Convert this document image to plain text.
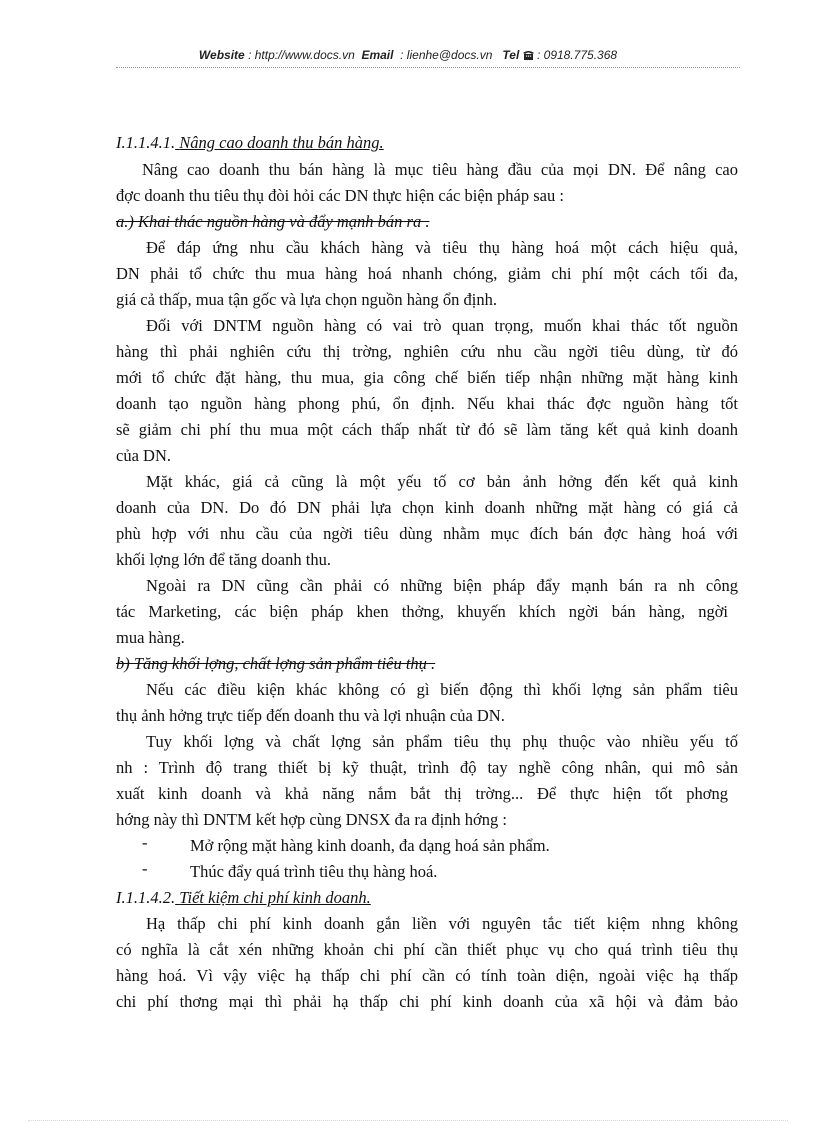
Website : http://www.docs.vn Email : lienhe@docs.vn Tel : 0918.775.368
I.1.1.4.1. Nâng cao doanh thu bán hàng.
Nâng cao doanh thu bán hàng là mục tiêu hàng đầu của mọi DN. Để nâng cao
đợc doanh thu tiêu thụ đòi hỏi các DN thực hiện các biện pháp sau :
a.) Khai thác nguồn hàng và đẩy mạnh bán ra .
Để đáp ứng nhu cầu khách hàng và tiêu thụ hàng hoá một cách hiệu quả,
DN phải tổ chức thu mua hàng hoá nhanh chóng, giảm chi phí một cách tối đa,
giá cả thấp, mua tận gốc và lựa chọn nguồn hàng ổn định.
Đối với DNTM nguồn hàng có vai trò quan trọng, muốn khai thác tốt nguồn
hàng thì phải nghiên cứu thị trờng, nghiên cứu nhu cầu ngời tiêu dùng, từ đó
mới tổ chức đặt hàng, thu mua, gia công chế biến tiếp nhận những mặt hàng kinh
doanh tạo nguồn hàng phong phú, ổn định. Nếu khai thác đợc nguồn hàng tốt
sẽ giảm chi phí thu mua một cách thấp nhất từ đó sẽ làm tăng kết quả kinh doanh
của DN.
Mặt khác, giá cả cũng là một yếu tố cơ bản ảnh hởng đến kết quả kinh
doanh của DN. Do đó DN phải lựa chọn kinh doanh những mặt hàng có giá cả
phù hợp với nhu cầu của ngời tiêu dùng nhằm mục đích bán đợc hàng hoá với
khối lợng lớn để tăng doanh thu.
Ngoài ra DN cũng cần phải có những biện pháp đẩy mạnh bán ra nh công
tác Marketing, các biện pháp khen thởng, khuyến khích ngời bán hàng, ngời
mua hàng.
b) Tăng khối lợng, chất lợng sản phẩm tiêu thụ .
Nếu các điều kiện khác không có gì biến động thì khối lợng sản phẩm tiêu
thụ ảnh hởng trực tiếp đến doanh thu và lợi nhuận của DN.
Tuy khối lợng và chất lợng sản phẩm tiêu thụ phụ thuộc vào nhiều yếu tố
nh : Trình độ trang thiết bị kỹ thuật, trình độ tay nghề công nhân, qui mô sản
xuất kinh doanh và khả năng nắm bắt thị trờng... Để thực hiện tốt phơng
hớng này thì DNTM kết hợp cùng DNSX đa ra định hớng :
-	Mở rộng mặt hàng kinh doanh, đa dạng hoá sản phẩm.
-	Thúc đẩy quá trình tiêu thụ hàng hoá.
I.1.1.4.2. Tiết kiệm chi phí kinh doanh.
Hạ thấp chi phí kinh doanh gắn liền với nguyên tắc tiết kiệm nhng không
có nghĩa là cắt xén những khoản chi phí cần thiết phục vụ cho quá trình tiêu thụ
hàng hoá. Vì vậy việc hạ thấp chi phí cần có tính toàn diện, ngoài việc hạ thấp
chi phí thơng mại thì phải hạ thấp chi phí kinh doanh của xã hội và đảm bảo
